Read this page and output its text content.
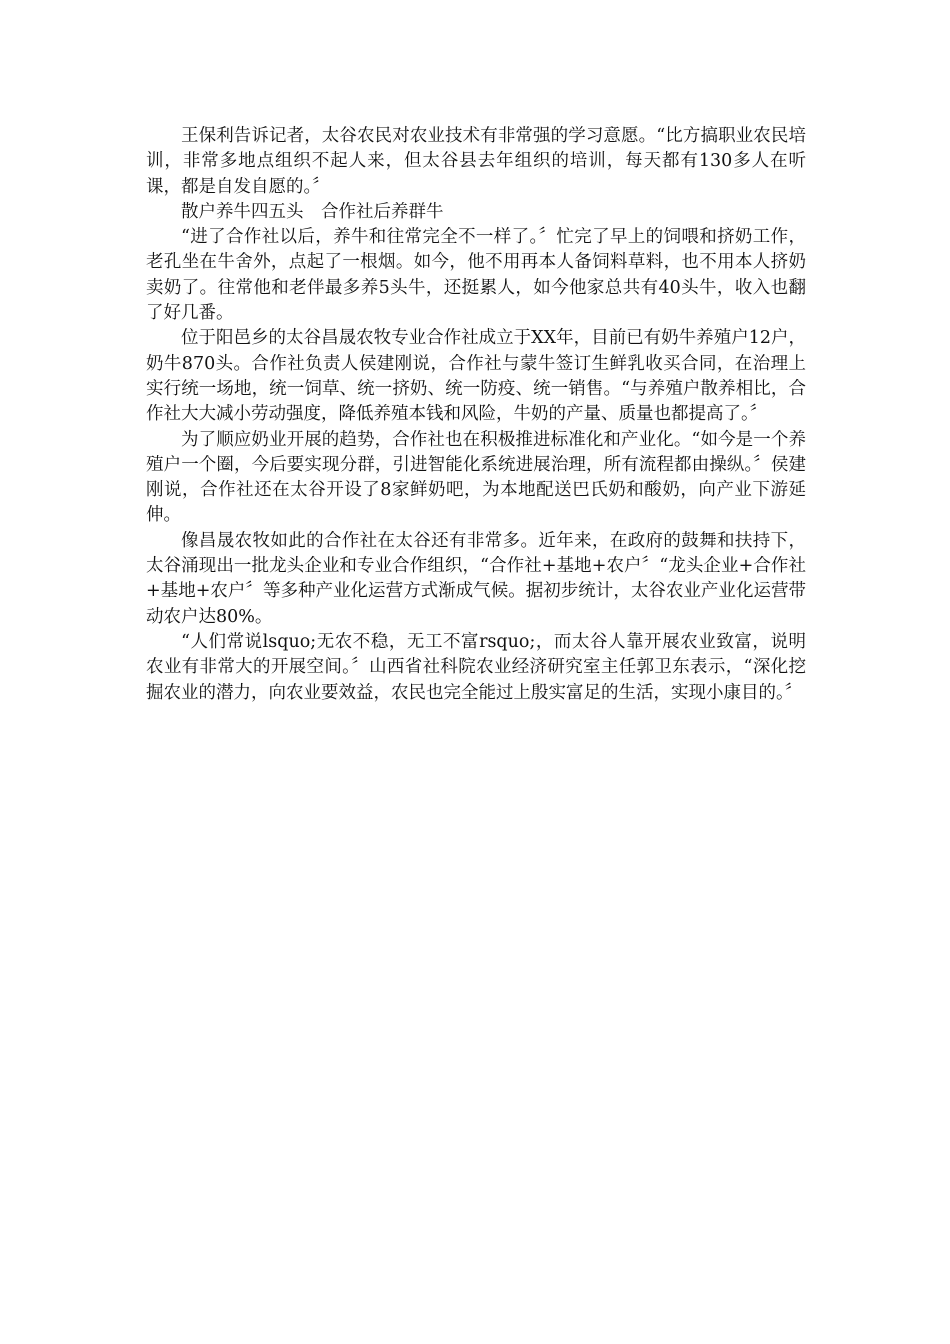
王保利告诉记者，太谷农民对农业技术有非常强的学习意愿。“比方搞职业农民培训，非常多地点组织不起人来，但太谷县去年组织的培训，每天都有130多人在听课，都是自发自愿的。〞

散户养牛四五头　合作社后养群牛

“进了合作社以后，养牛和往常完全不一样了。〞忙完了早上的饲喂和挤奶工作，老孔坐在牛舍外，点起了一根烟。如今，他不用再本人备饲料草料，也不用本人挤奶卖奶了。往常他和老伴最多养5头牛，还挺累人，如今他家总共有40头牛，收入也翻了好几番。

位于阳邑乡的太谷昌晟农牧专业合作社成立于XX年，目前已有奶牛养殖户12户，奶牛870头。合作社负责人侯建刚说，合作社与蒙牛签订生鲜乳收买合同，在治理上实行统一场地，统一饲草、统一挤奶、统一防疫、统一销售。“与养殖户散养相比，合作社大大减小劳动强度，降低养殖本钱和风险，牛奶的产量、质量也都提高了。〞

为了顺应奶业开展的趋势，合作社也在积极推进标准化和产业化。“如今是一个养殖户一个圈，今后要实现分群，引进智能化系统进展治理，所有流程都由操纵。〞侯建刚说，合作社还在太谷开设了8家鲜奶吧，为本地配送巴氏奶和酸奶，向产业下游延伸。

像昌晟农牧如此的合作社在太谷还有非常多。近年来，在政府的鼓舞和扶持下，太谷涌现出一批龙头企业和专业合作组织，“合作社+基地+农户〞“龙头企业+合作社+基地+农户〞等多种产业化运营方式渐成气候。据初步统计，太谷农业产业化运营带动农户达80%。

“人们常说lsquo;无农不稳，无工不富rsquo;，而太谷人靠开展农业致富，说明农业有非常大的开展空间。〞山西省社科院农业经济研究室主任郭卫东表示，“深化挖掘农业的潜力，向农业要效益，农民也完全能过上殷实富足的生活，实现小康目的。〞
